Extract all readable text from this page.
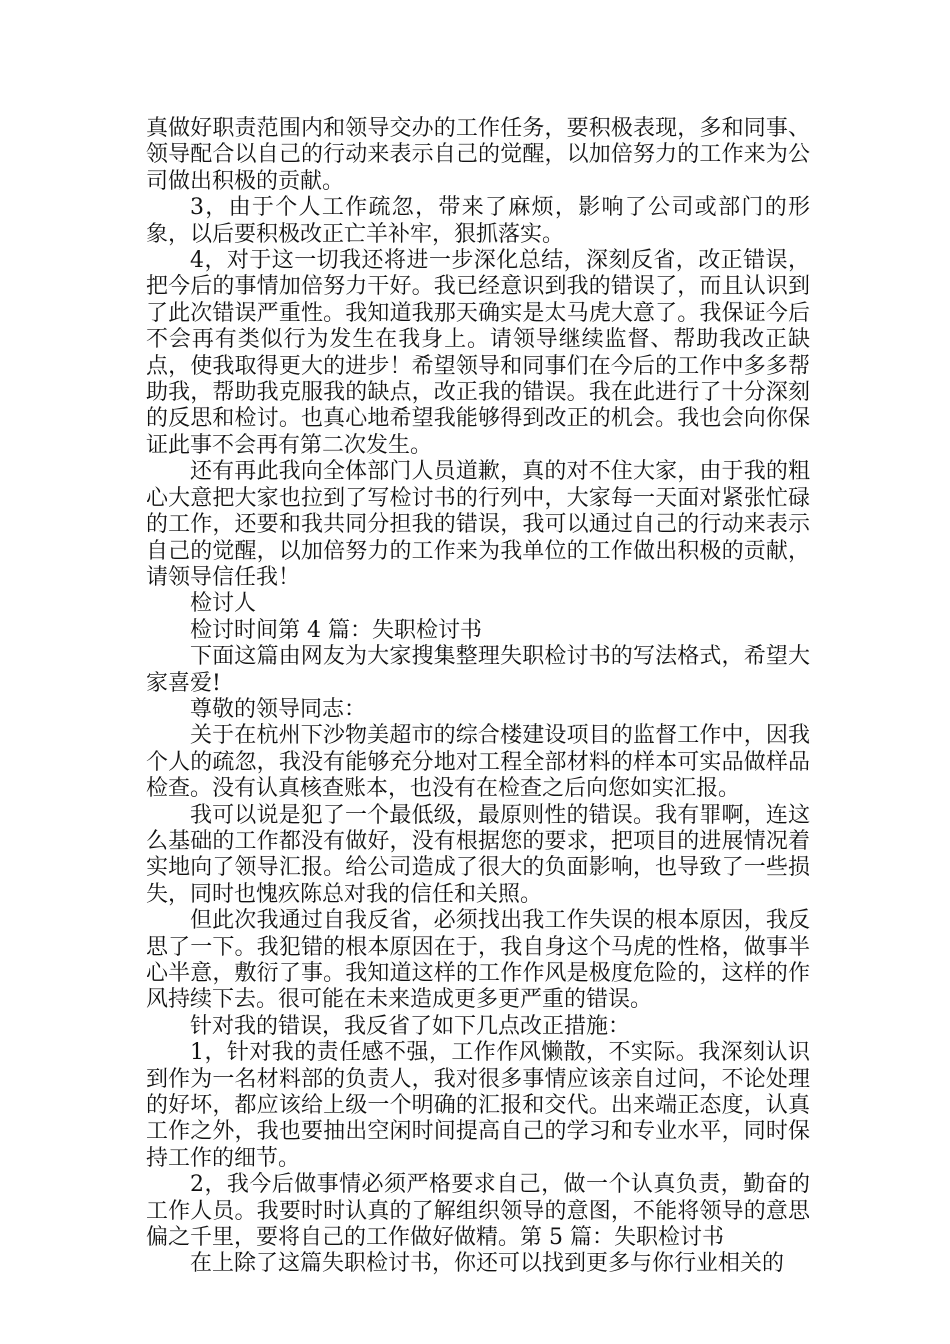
真做好职责范围内和领导交办的工作任务，要积极表现，多和同事、领导配合以自己的行动来表示自己的觉醒，以加倍努力的工作来为公司做出积极的贡献。

3，由于个人工作疏忽，带来了麻烦，影响了公司或部门的形象，以后要积极改正亡羊补牢，狠抓落实。

4，对于这一切我还将进一步深化总结，深刻反省，改正错误，把今后的事情加倍努力干好。我已经意识到我的错误了，而且认识到了此次错误严重性。我知道我那天确实是太马虎大意了。我保证今后不会再有类似行为发生在我身上。请领导继续监督、帮助我改正缺点，使我取得更大的进步！希望领导和同事们在今后的工作中多多帮助我，帮助我克服我的缺点，改正我的错误。我在此进行了十分深刻的反思和检讨。也真心地希望我能够得到改正的机会。我也会向你保证此事不会再有第二次发生。

还有再此我向全体部门人员道歉，真的对不住大家，由于我的粗心大意把大家也拉到了写检讨书的行列中，大家每一天面对紧张忙碌的工作，还要和我共同分担我的错误，我可以通过自己的行动来表示自己的觉醒，以加倍努力的工作来为我单位的工作做出积极的贡献，请领导信任我！

检讨人

检讨时间第 4 篇：失职检讨书

下面这篇由网友为大家搜集整理失职检讨书的写法格式，希望大家喜爱!

尊敬的领导同志：

关于在杭州下沙物美超市的综合楼建设项目的监督工作中，因我个人的疏忽，我没有能够充分地对工程全部材料的样本可实品做样品检查。没有认真核查账本，也没有在检查之后向您如实汇报。

我可以说是犯了一个最低级，最原则性的错误。我有罪啊，连这么基础的工作都没有做好，没有根据您的要求，把项目的进展情况着实地向了领导汇报。给公司造成了很大的负面影响，也导致了一些损失，同时也愧疚陈总对我的信任和关照。

但此次我通过自我反省，必须找出我工作失误的根本原因，我反思了一下。我犯错的根本原因在于，我自身这个马虎的性格，做事半心半意，敷衍了事。我知道这样的工作作风是极度危险的，这样的作风持续下去。很可能在未来造成更多更严重的错误。

针对我的错误，我反省了如下几点改正措施：

1，针对我的责任感不强，工作作风懒散，不实际。我深刻认识到作为一名材料部的负责人，我对很多事情应该亲自过问，不论处理的好坏，都应该给上级一个明确的汇报和交代。出来端正态度，认真工作之外，我也要抽出空闲时间提高自己的学习和专业水平，同时保持工作的细节。

2，我今后做事情必须严格要求自己，做一个认真负责，勤奋的工作人员。我要时时认真的了解组织领导的意图，不能将领导的意思偏之千里，要将自己的工作做好做精。第 5 篇：失职检讨书

在上除了这篇失职检讨书，你还可以找到更多与你行业相关的
